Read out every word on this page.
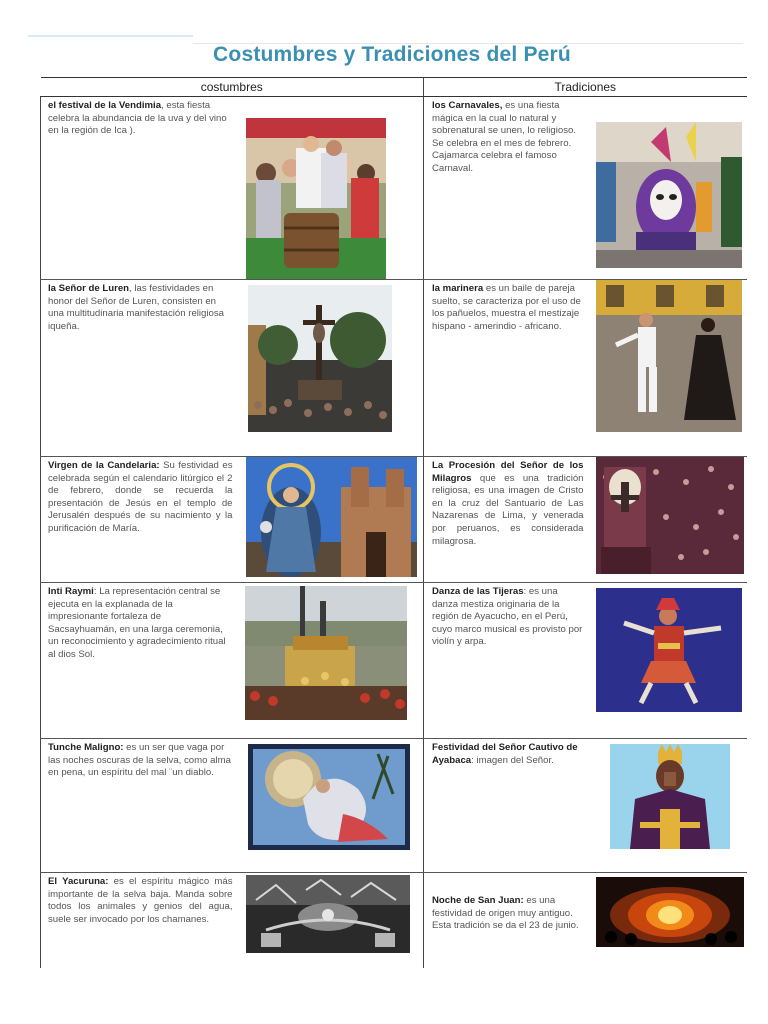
Costumbres y Tradiciones del Perú
costumbres		Tradiciones	
el festival de la Vendimia, esta fiesta celebra la abundancia de la uva y del vino en la región de Ica ).		los Carnavales, es una fiesta mágica en la cual lo natural y sobrenatural se unen, lo religioso. Se celebra en el mes de febrero. Cajamarca celebra el famoso Carnaval.	

la Señor de Luren, las festividades en honor del Señor de Luren, consisten en una multitudinaria manifestación religiosa iqueña.		la marinera es un baile de pareja suelto, se caracteriza por el uso de los pañuelos, muestra el mestizaje hispano - amerindio - africano.	

Virgen de la Candelaria: Su festividad es celebrada según el calendario litúrgico el 2 de febrero, donde se recuerda la presentación de Jesús en el templo de Jerusalén después de su nacimiento y la purificación de María.		La Procesión del Señor de los Milagros que es una tradición religiosa, es una imagen de Cristo en la cruz del Santuario de Las Nazarenas de Lima, y venerada por peruanos, es considerada milagrosa.	

Inti Raymi: La representación central se ejecuta en la explanada de la impresionante fortaleza de Sacsayhuamán, en una larga ceremonia, un reconocimiento y agradecimiento ritual al dios Sol.		Danza de las Tijeras: es una danza mestiza originaria de la región de Ayacucho, en el Perú, cuyo marco musical es provisto por violín y arpa.	

Tunche Maligno: es un ser que vaga por las noches oscuras de la selva, como alma en pena, un espíritu del mal ¨un diablo.		Festividad del Señor Cautivo de Ayabaca: imagen del Señor.	

El Yacuruna: es el espíritu mágico más importante de la selva baja. Manda sobre todos los animales y genios del agua, suele ser invocado por los chamanes.		Noche de San Juan: es una festividad de origen muy antiguo. Esta tradición se da el 23 de junio.	
